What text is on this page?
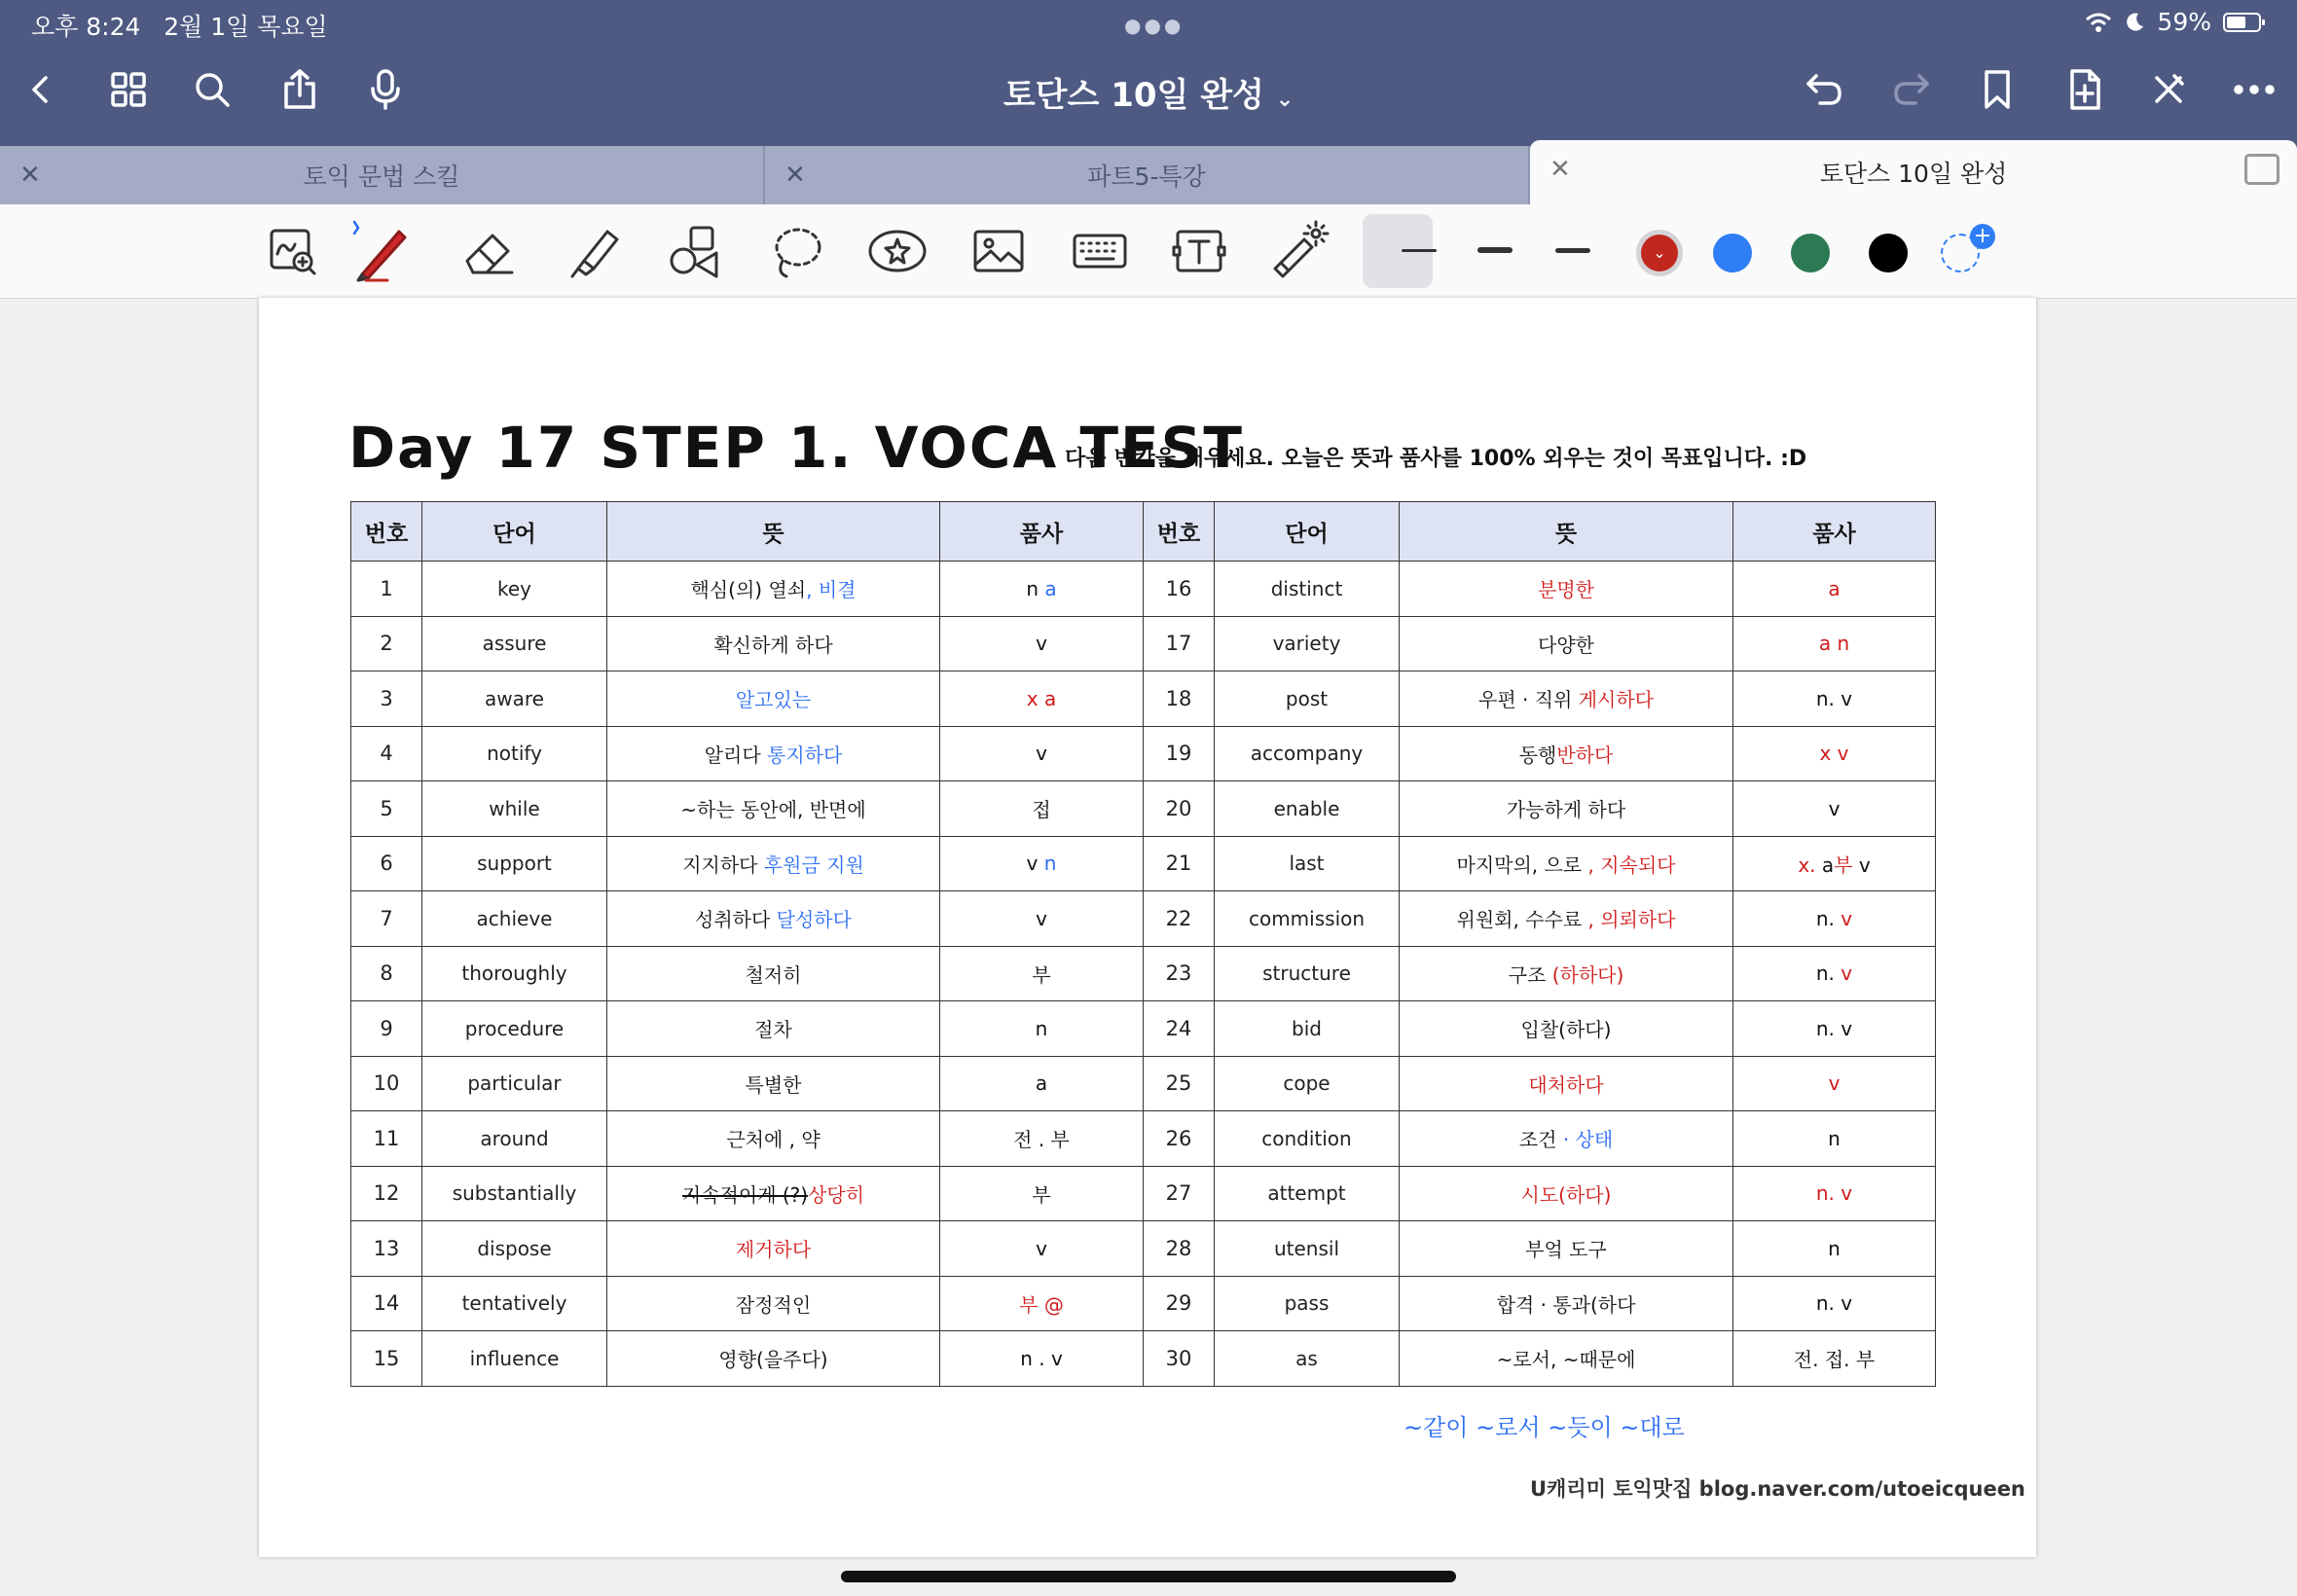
오후 8:24 2월 1일 목요일	●●●	59%
토단스 10일 완성 ⌄
✕	토익 문법 스킬	✕	파트5-특강	✕	토단스 10일 완성
⌄
+
Day 17 STEP 1. VOCA TEST
다음 빈칸을 채우세요. 오늘은 뜻과 품사를 100% 외우는 것이 목표입니다. :D
번호	단어	뜻	품사	번호	단어	뜻	품사
1	key	핵심(의) 열쇠, 비결	n a	16	distinct	분명한	a
2	assure	확신하게 하다	v	17	variety	다양한	a n
3	aware	알고있는	x a	18	post	우편 · 직위 게시하다	n. v
4	notify	알리다 통지하다	v	19	accompany	동행반하다	x v
5	while	~하는 동안에, 반면에	접	20	enable	가능하게 하다	v
6	support	지지하다 후원금 지원	v n	21	last	마지막의, 으로 , 지속되다	x. a부 v
7	achieve	성취하다 달성하다	v	22	commission	위원회, 수수료 , 의뢰하다	n. v
8	thoroughly	철저히	부	23	structure	구조 (하하다)	n. v
9	procedure	절차	n	24	bid	입찰(하다)	n. v
10	particular	특별한	a	25	cope	대처하다	v
11	around	근처에 , 약	전 . 부	26	condition	조건 · 상태	n
12	substantially	지속적이게 (?)상당히	부	27	attempt	시도(하다)	n. v
13	dispose	제거하다	v	28	utensil	부엌 도구	n
14	tentatively	잠정적인	부 @	29	pass	합격 · 통과(하다	n. v
15	influence	영향(을주다)	n . v	30	as	~로서, ~때문에	전. 접. 부
~같이 ~로서 ~듯이 ~대로
U캐리미 토익맛집 blog.naver.com/utoeicqueen
